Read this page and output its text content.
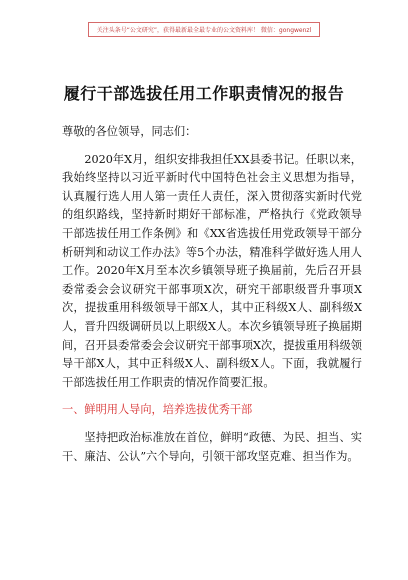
关注头条号“公文研究”，获得最新最全最专业的公文资料库！ 微信：gongwenzl
履行干部选拔任用工作职责情况的报告

尊敬的各位领导，同志们：

2020年X月，组织安排我担任XX县委书记。任职以来，我始终坚持以习近平新时代中国特色社会主义思想为指导，认真履行选人用人第一责任人责任，深入贯彻落实新时代党的组织路线，坚持新时期好干部标准，严格执行《党政领导干部选拔任用工作条例》和《XX省选拔任用党政领导干部分析研判和动议工作办法》等5个办法，精准科学做好选人用人工作。2020年X月至本次乡镇领导班子换届前，先后召开县委常委会会议研究干部事项X次，研究干部职级晋升事项X次，提拔重用科级领导干部X人，其中正科级X人、副科级X人，晋升四级调研员以上职级X人。本次乡镇领导班子换届期间，召开县委常委会会议研究干部事项X次，提拔重用科级领导干部X人，其中正科级X人、副科级X人。下面，我就履行干部选拔任用工作职责的情况作简要汇报。

一、鲜明用人导向，培养选拔优秀干部

坚持把政治标准放在首位，鲜明“政德、为民、担当、实干、廉洁、公认”六个导向，引领干部攻坚克难、担当作为。
